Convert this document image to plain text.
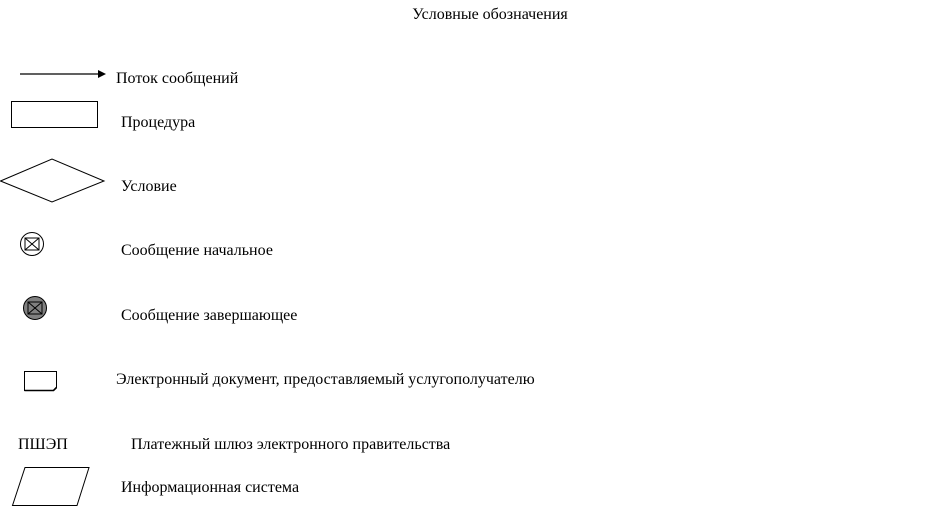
Условные обозначения
Поток сообщений
Процедура
Условие
Сообщение начальное
Сообщение завершающее
Электронный документ, предоставляемый услугополучателю
ПШЭП	Платежный шлюз электронного правительства
Информационная система
